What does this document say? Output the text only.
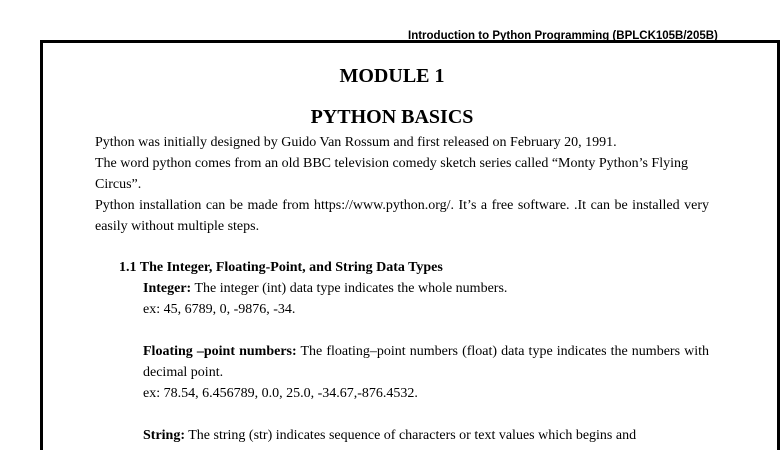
Introduction to Python Programming (BPLCK105B/205B)
MODULE 1
PYTHON BASICS
Python was initially designed by Guido Van Rossum and first released on February 20, 1991.
The word python comes from an old BBC television comedy sketch series called “Monty Python’s Flying Circus”.
Python installation can be made from https://www.python.org/. It’s a free software. .It can be installed very easily without multiple steps.
1.1 The Integer, Floating-Point, and String Data Types
Integer: The integer (int) data type indicates the whole numbers.
ex: 45, 6789, 0, -9876, -34.
Floating –point numbers: The floating–point numbers (float) data type indicates the numbers with decimal point.
ex: 78.54, 6.456789, 0.0, 25.0, -34.67,-876.4532.
String: The string (str) indicates sequence of characters or text values which begins and
